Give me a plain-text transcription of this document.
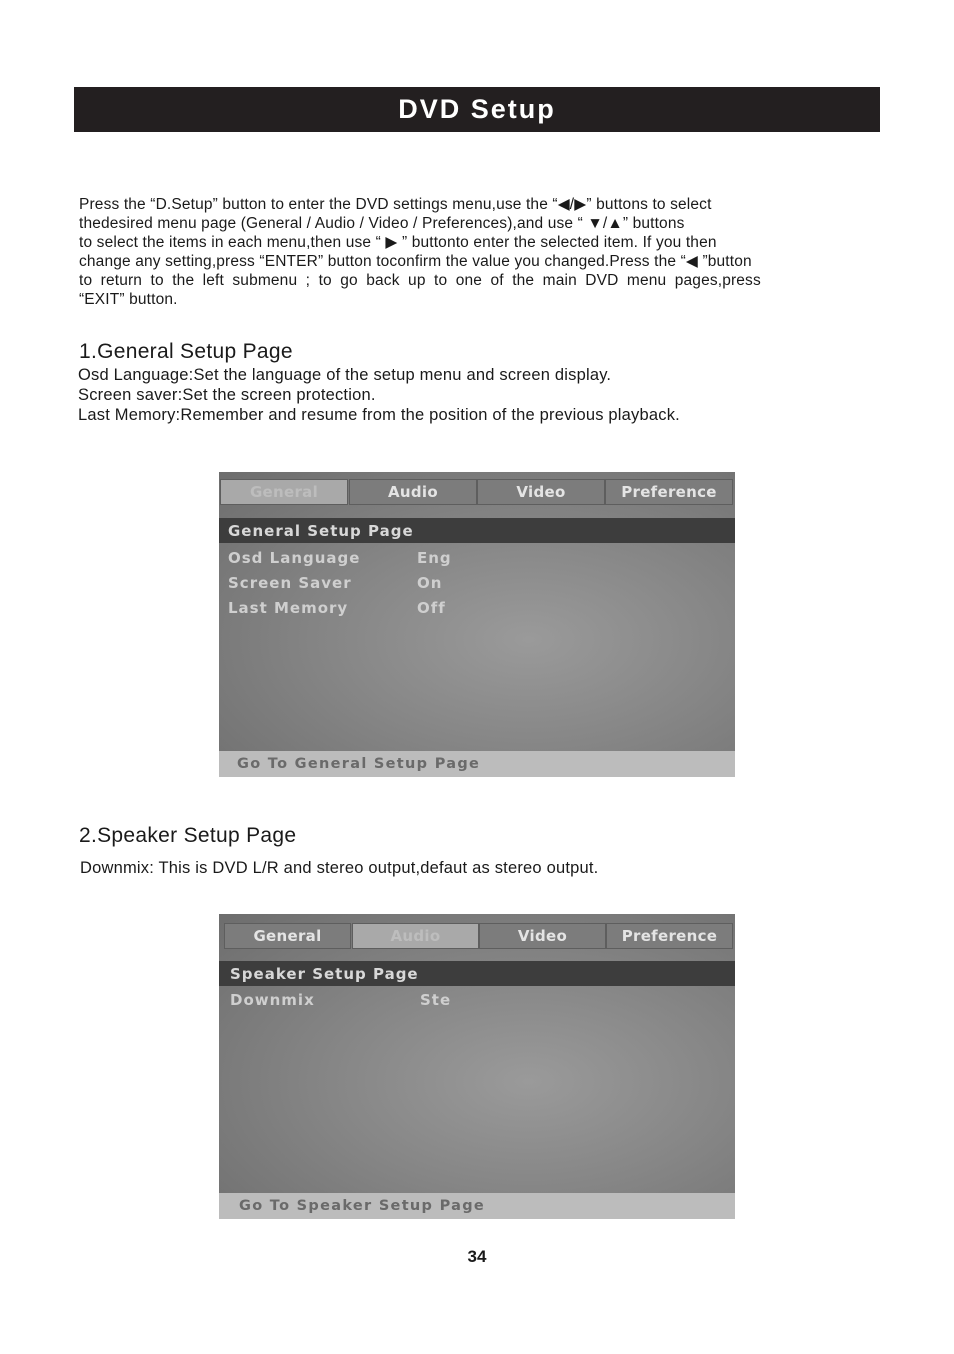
DVD Setup
Press the “D.Setup” button to enter the DVD settings menu,use the “◀/▶” buttons to select
thedesired menu page (General / Audio / Video / Preferences),and use “ ▼/▲” buttons
to select the items in each menu,then use “ ▶ ” buttonto enter the selected item. If you then
change any setting,press “ENTER” button toconfirm the value you changed.Press the “◀ ”button
to return to the left submenu ; to go back up to one of the main DVD menu pages,press
“EXIT” button.
1.General Setup Page
Osd Language:Set the language of the setup menu and screen display.
Screen saver:Set the screen protection.
Last Memory:Remember and resume from the position of the previous playback.
General	Audio	Video	Preference
General Setup Page
Osd Language	Eng
Screen Saver	On
Last Memory	Off
Go To General Setup Page
2.Speaker Setup Page
Downmix: This is DVD L/R and stereo output,defaut as stereo output.
General	Audio	Video	Preference
Speaker Setup Page
Downmix	Ste
Go To Speaker Setup Page
34
